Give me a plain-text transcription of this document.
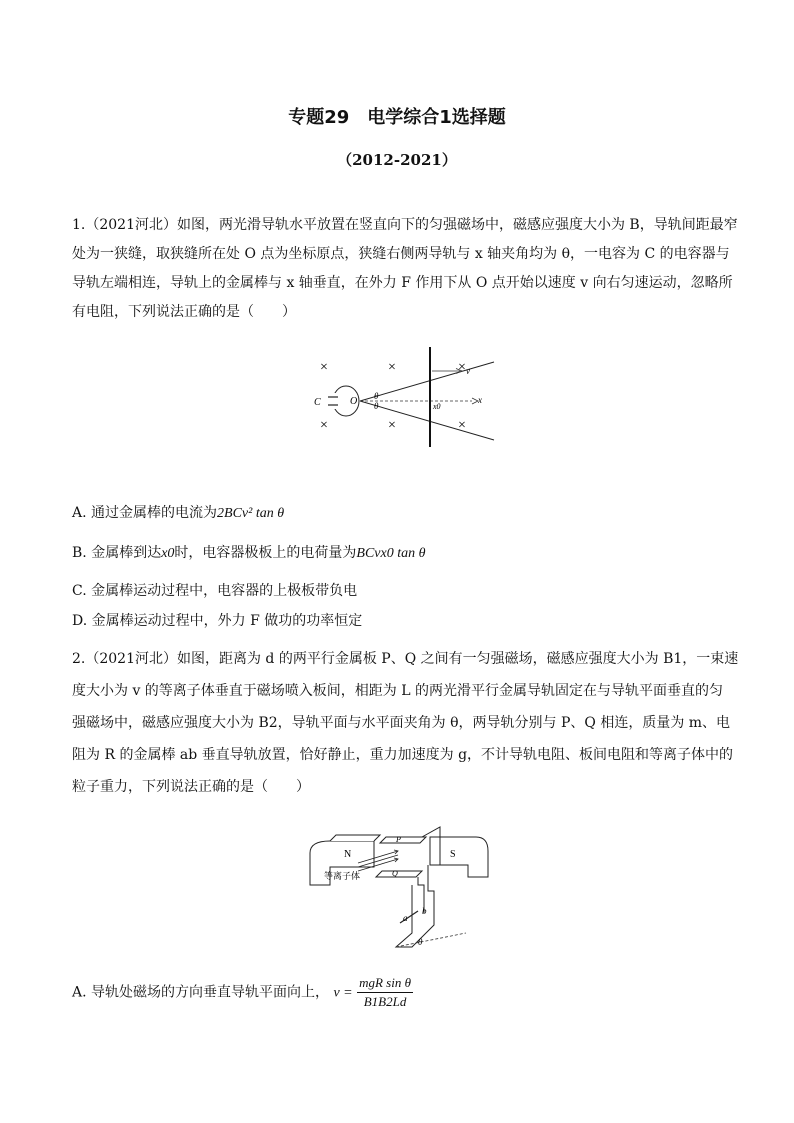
专题29　电学综合1选择题
（2012-2021）
1.（2021河北）如图，两光滑导轨水平放置在竖直向下的匀强磁场中，磁感应强度大小为 B，导轨间距最窄
处为一狭缝，取狭缝所在处 O 点为坐标原点，狭缝右侧两导轨与 x 轴夹角均为 θ，一电容为 C 的电容器与
导轨左端相连，导轨上的金属棒与 x 轴垂直，在外力 F 作用下从 O 点开始以速度 v 向右匀速运动，忽略所
有电阻，下列说法正确的是（　　）
×	×
×	×
×
×
C	O	x
θ
θ	x0
v
A. 通过金属棒的电流为2BCv² tan θ
B. 金属棒到达x0时，电容器极板上的电荷量为BCvx0 tan θ
C. 金属棒运动过程中，电容器的上极板带负电
D. 金属棒运动过程中，外力 F 做功的功率恒定
2.（2021河北）如图，距离为 d 的两平行金属板 P、Q 之间有一匀强磁场，磁感应强度大小为 B1，一束速
度大小为 v 的等离子体垂直于磁场喷入板间，相距为 L 的两光滑平行金属导轨固定在与导轨平面垂直的匀
强磁场中，磁感应强度大小为 B2，导轨平面与水平面夹角为 θ，两导轨分别与 P、Q 相连，质量为 m、电
阻为 R 的金属棒 ab 垂直导轨放置，恰好静止，重力加速度为 g，不计导轨电阻、板间电阻和等离子体中的
粒子重力，下列说法正确的是（　　）
N	S
P
Q
等离子体
a
b
θ
A. 导轨处磁场的方向垂直导轨平面向上， $v = \frac{\text{mgR sin θ}}{B1B2Ld}$
